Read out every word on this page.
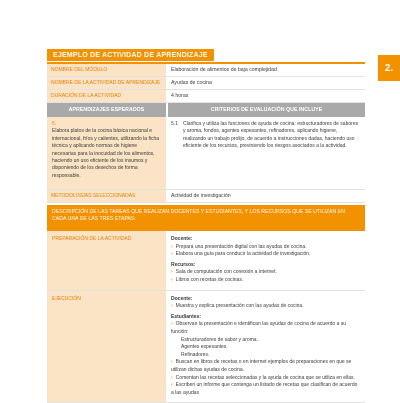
2.
EJEMPLO DE ACTIVIDAD DE APRENDIZAJE
NOMBRE DEL MÓDULO	Elaboración de alimentos de baja complejidad
NOMBRE DE LA ACTIVIDAD DE APRENDIZAJE	Ayudas de cocina
DURACIÓN DE LA ACTIVIDAD	4 horas
APRENDIZAJES ESPERADOS	CRITERIOS DE EVALUACIÓN QUE INCLUYE
5.
Elabora platos de la cocina básica nacional e internacional, fríos y calientes, utilizando la ficha técnica y aplicando normas de higiene necesarias para la inocuidad de los alimentos, haciendo un uso eficiente de los insumos y disponiendo de los desechos de forma responsable.
5.1	Clarifica y utiliza las funciones de ayuda de cocina: estructuradores de sabores y aroma, fondos, agentes espesantes, refinadores, aplicando higiene, realizando un trabajo prolijo, de acuerdo a instrucciones dadas, haciendo uso eficiente de los recursos, previniendo los riesgos asociados a la actividad.
METODOLOGÍAS SELECCIONADAS	Actividad de investigación
DESCRIPCIÓN DE LAS TAREAS QUE REALIZAN DOCENTES Y ESTUDIANTES, Y LOS RECURSOS QUE SE UTILIZAN EN CADA UNA DE LAS TRES ETAPAS:
PREPARACIÓN DE LA ACTIVIDAD	Docente:
› Prepara una presentación digital con las ayudas de cocina.
› Elabora una guía para conducir la actividad de investigación.
Recursos:
› Sala de computación con conexión a internet.
› Libros con recetas de cocinas.
EJECUCIÓN	Docente:
› Muestra y explica presentación con las ayudas de cocina.
Estudiantes:
› Observan la presentación e identifican las ayudas de cocina de acuerdo a su función:
Estructuradores de sabor y aroma.
Agentes espesantes.
Refinadores.
› Buscan en libros de recetas o en internet ejemplos de preparaciones en que se utilizan dichas ayudas de cocina.
› Comentan las recetas seleccionadas y la ayuda de cocina que se utiliza en ellas.
› Escriben un informe que contenga un listado de recetas que clasifican de acuerdo a las ayudas
